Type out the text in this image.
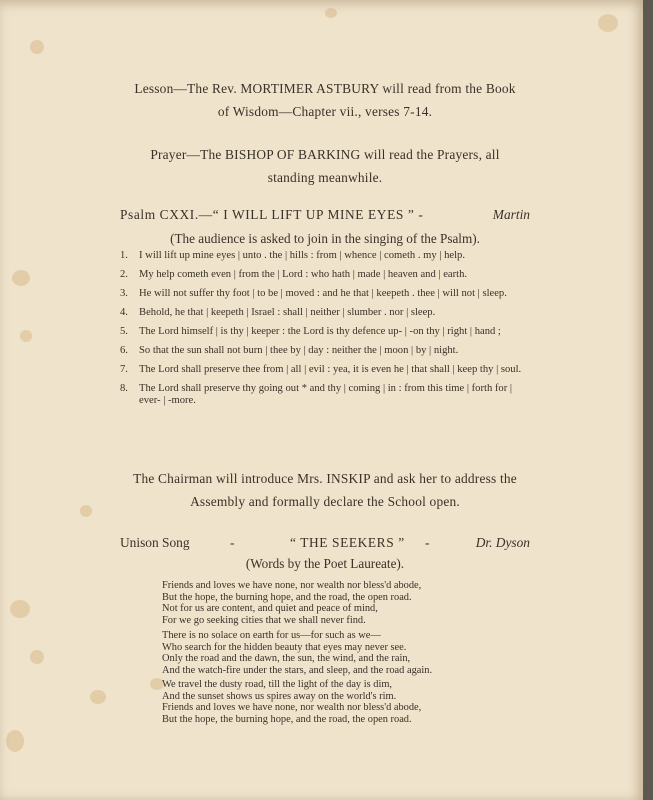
Lesson—The Rev. MORTIMER ASTBURY will read from the Book
of Wisdom—Chapter vii., verses 7-14.
Prayer—The BISHOP OF BARKING will read the Prayers, all
standing meanwhile.
Psalm CXXI.—“ I WILL LIFT UP MINE EYES ” -	Martin
(The audience is asked to join in the singing of the Psalm).
1. I will lift up mine eyes | unto . the | hills : from | whence | cometh . my | help.
2. My help cometh even | from the | Lord : who hath | made | heaven and | earth.
3. He will not suffer thy foot | to be | moved : and he that | keepeth . thee | will not | sleep.
4. Behold, he that | keepeth | Israel : shall | neither | slumber . nor | sleep.
5. The Lord himself | is thy | keeper : the Lord is thy defence up- | -on thy | right | hand ;
6. So that the sun shall not burn | thee by | day : neither the | moon | by | night.
7. The Lord shall preserve thee from | all | evil : yea, it is even he | that shall | keep thy | soul.
8. The Lord shall preserve thy going out * and thy | coming | in : from this time | forth for | ever- | -more.
The Chairman will introduce Mrs. INSKIP and ask her to address the
Assembly and formally declare the School open.
Unison Song	-	“ THE SEEKERS ” -	Dr. Dyson
(Words by the Poet Laureate).
Friends and loves we have none, nor wealth nor bless'd abode,
But the hope, the burning hope, and the road, the open road.
Not for us are content, and quiet and peace of mind,
For we go seeking cities that we shall never find.
There is no solace on earth for us—for such as we—
Who search for the hidden beauty that eyes may never see.
Only the road and the dawn, the sun, the wind, and the rain,
And the watch-fire under the stars, and sleep, and the road again.
We travel the dusty road, till the light of the day is dim,
And the sunset shows us spires away on the world's rim.
Friends and loves we have none, nor wealth nor bless'd abode,
But the hope, the burning hope, and the road, the open road.
